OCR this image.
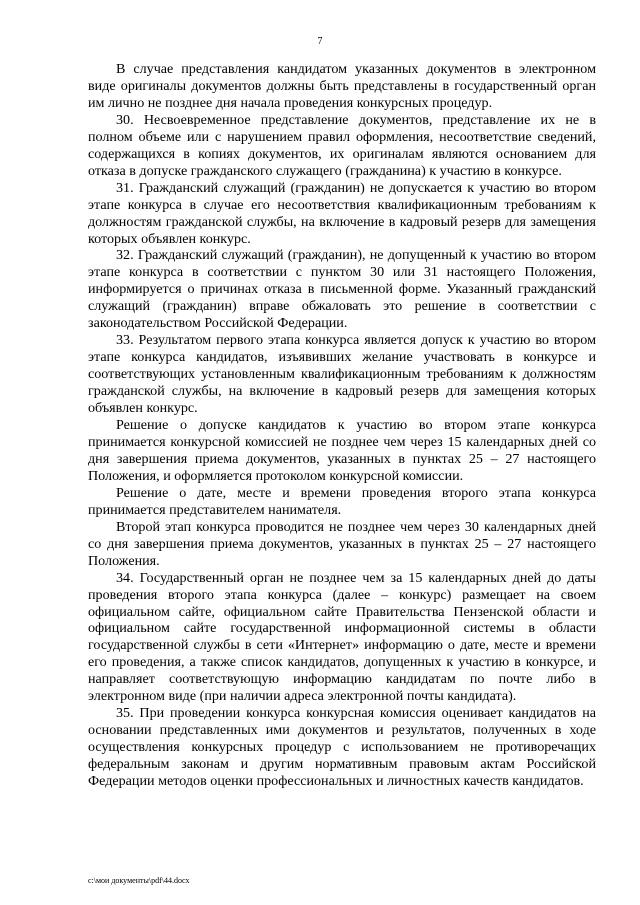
7

В случае представления кандидатом указанных документов в электронном виде оригиналы документов должны быть представлены в государственный орган им лично не позднее дня начала проведения конкурсных процедур.

30. Несвоевременное представление документов, представление их не в полном объеме или с нарушением правил оформления, несоответствие сведений, содержащихся в копиях документов, их оригиналам являются основанием для отказа в допуске гражданского служащего (гражданина) к участию в конкурсе.

31. Гражданский служащий (гражданин) не допускается к участию во втором этапе конкурса в случае его несоответствия квалификационным требованиям к должностям гражданской службы, на включение в кадровый резерв для замещения которых объявлен конкурс.

32. Гражданский служащий (гражданин), не допущенный к участию во втором этапе конкурса в соответствии с пунктом 30 или 31 настоящего Положения, информируется о причинах отказа в письменной форме. Указанный гражданский служащий (гражданин) вправе обжаловать это решение в соответствии с законодательством Российской Федерации.

33. Результатом первого этапа конкурса является допуск к участию во втором этапе конкурса кандидатов, изъявивших желание участвовать в конкурсе и соответствующих установленным квалификационным требованиям к должностям гражданской службы, на включение в кадровый резерв для замещения которых объявлен конкурс.

Решение о допуске кандидатов к участию во втором этапе конкурса принимается конкурсной комиссией не позднее чем через 15 календарных дней со дня завершения приема документов, указанных в пунктах 25 – 27 настоящего Положения, и оформляется протоколом конкурсной комиссии.

Решение о дате, месте и времени проведения второго этапа конкурса принимается представителем нанимателя.

Второй этап конкурса проводится не позднее чем через 30 календарных дней со дня завершения приема документов, указанных в пунктах 25 – 27 настоящего Положения.

34. Государственный орган не позднее чем за 15 календарных дней до даты проведения второго этапа конкурса (далее – конкурс) размещает на своем официальном сайте, официальном сайте Правительства Пензенской области и официальном сайте государственной информационной системы в области государственной службы в сети «Интернет» информацию о дате, месте и времени его проведения, а также список кандидатов, допущенных к участию в конкурсе, и направляет соответствующую информацию кандидатам по почте либо в электронном виде (при наличии адреса электронной почты кандидата).

35. При проведении конкурса конкурсная комиссия оценивает кандидатов на основании представленных ими документов и результатов, полученных в ходе осуществления конкурсных процедур с использованием не противоречащих федеральным законам и другим нормативным правовым актам Российской Федерации методов оценки профессиональных и личностных качеств кандидатов.

c:\мои документы\pdf\44.docx
